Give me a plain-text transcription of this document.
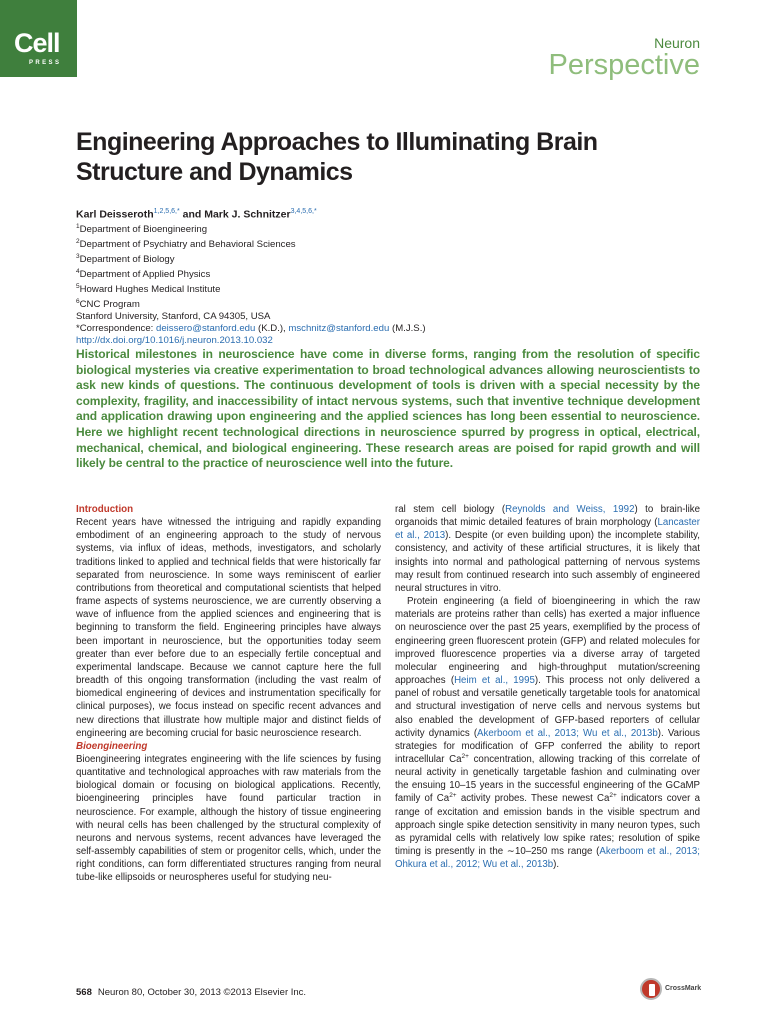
Cell
PRESS
Neuron
Perspective
Engineering Approaches to Illuminating Brain Structure and Dynamics
Karl Deisseroth$^{1,2,5,6,*}$ and Mark J. Schnitzer$^{3,4,5,6,*}$
$^1$Department of Bioengineering
$^2$Department of Psychiatry and Behavioral Sciences
$^3$Department of Biology
$^4$Department of Applied Physics
$^5$Howard Hughes Medical Institute
$^6$CNC Program
Stanford University, Stanford, CA 94305, USA
*Correspondence: deissero@stanford.edu (K.D.), mschnitz@stanford.edu (M.J.S.)
http://dx.doi.org/10.1016/j.neuron.2013.10.032
Historical milestones in neuroscience have come in diverse forms, ranging from the resolution of specific biological mysteries via creative experimentation to broad technological advances allowing neuroscientists to ask new kinds of questions. The continuous development of tools is driven with a special necessity by the complexity, fragility, and inaccessibility of intact nervous systems, such that inventive technique development and application drawing upon engineering and the applied sciences has long been essential to neuroscience. Here we highlight recent technological directions in neuroscience spurred by progress in optical, electrical, mechanical, chemical, and biological engineering. These research areas are poised for rapid growth and will likely be central to the practice of neuroscience well into the future.

Introduction

Recent years have witnessed the intriguing and rapidly expanding embodiment of an engineering approach to the study of nervous systems, via influx of ideas, methods, investigators, and scholarly traditions linked to applied and technical fields that were historically far separated from neuroscience. In some ways reminiscent of earlier contributions from theoretical and computational scientists that helped frame aspects of systems neuroscience, we are currently observing a wave of influence from the applied sciences and engineering that is beginning to transform the field. Engineering principles have always been important in neuroscience, but the opportunities today seem greater than ever before due to an especially fertile conceptual and experimental landscape. Because we cannot capture here the full breadth of this ongoing transformation (including the vast realm of biomedical engineering of devices and instrumentation specifically for clinical purposes), we focus instead on specific recent advances and new directions that illustrate how multiple major and distinct fields of engineering are becoming crucial for basic neuroscience research.

Bioengineering

Bioengineering integrates engineering with the life sciences by fusing quantitative and technological approaches with raw materials from the biological domain or focusing on biological applications. Recently, bioengineering principles have found particular traction in neuroscience. For example, although the history of tissue engineering with neural cells has been challenged by the structural complexity of neurons and nervous systems, recent advances have leveraged the self-assembly capabilities of stem or progenitor cells, which, under the right conditions, can form differentiated structures ranging from neural tube-like ellipsoids or neurospheres useful for studying neu-

ral stem cell biology (Reynolds and Weiss, 1992) to brain-like organoids that mimic detailed features of brain morphology (Lancaster et al., 2013). Despite (or even building upon) the incomplete stability, consistency, and activity of these artificial structures, it is likely that insights into normal and pathological patterning of nervous systems may result from continued research into such assembly of engineered neural structures in vitro.

Protein engineering (a field of bioengineering in which the raw materials are proteins rather than cells) has exerted a major influence on neuroscience over the past 25 years, exemplified by the process of engineering green fluorescent protein (GFP) and related molecules for improved fluorescence properties via a diverse array of targeted molecular engineering and high-throughput mutation/screening approaches (Heim et al., 1995). This process not only delivered a panel of robust and versatile genetically targetable tools for anatomical and structural investigation of nerve cells and nervous systems but also enabled the development of GFP-based reporters of cellular activity dynamics (Akerboom et al., 2013; Wu et al., 2013b). Various strategies for modification of GFP conferred the ability to report intracellular $Ca^{2+}$ concentration, allowing tracking of this correlate of neural activity in genetically targetable fashion and culminating over the ensuing 10–15 years in the successful engineering of the GCaMP family of $Ca^{2+}$ activity probes. These newest $Ca^{2+}$ indicators cover a range of excitation and emission bands in the visible spectrum and approach single spike detection sensitivity in many neuron types, such as pyramidal cells with relatively low spike rates; resolution of spike timing is presently in the ∼10–250 ms range (Akerboom et al., 2013; Ohkura et al., 2012; Wu et al., 2013b).

568 Neuron 80, October 30, 2013 ©2013 Elsevier Inc.	CrossMark
